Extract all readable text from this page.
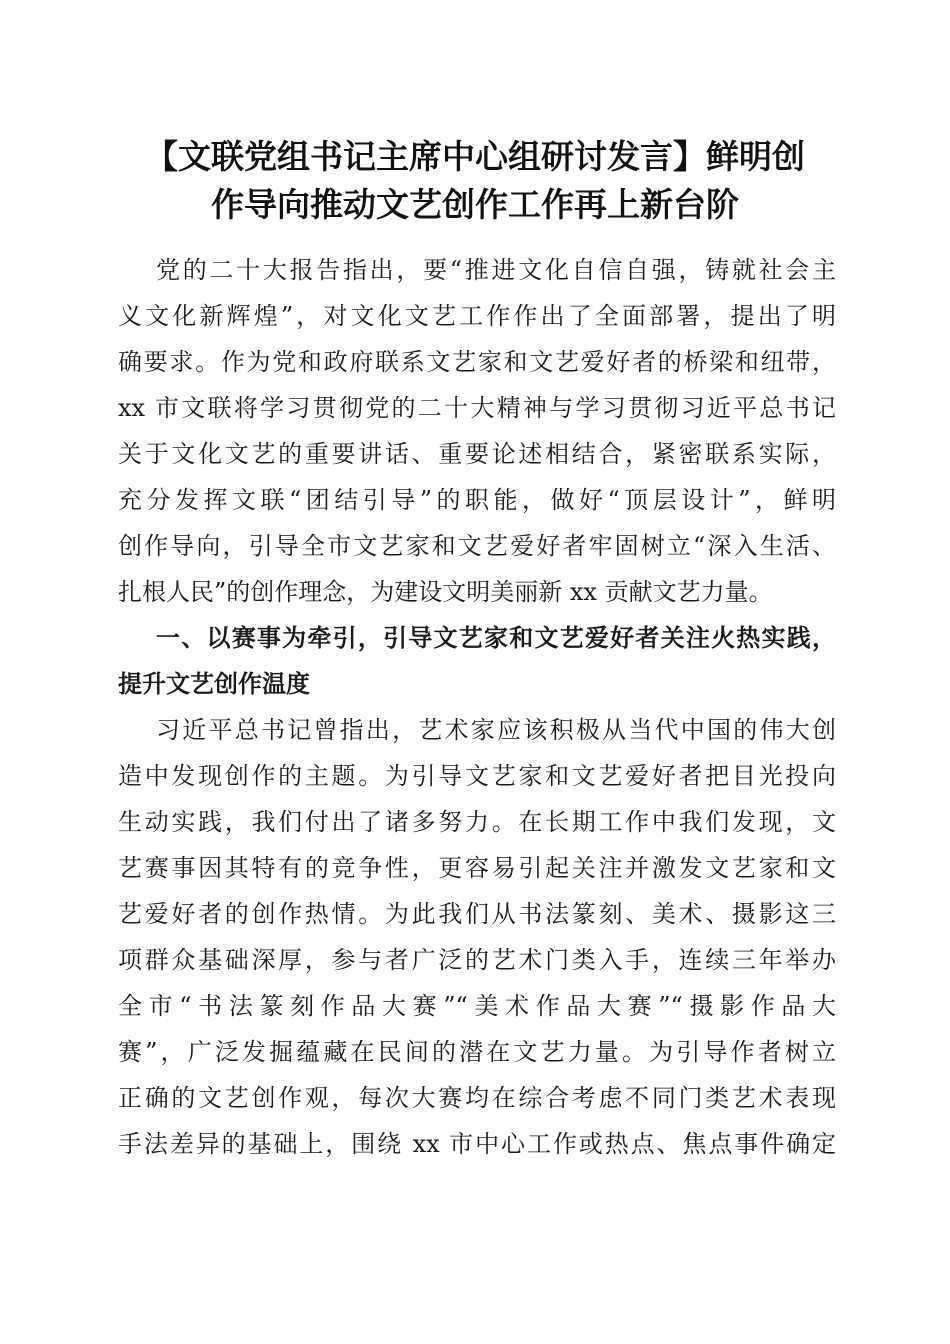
【文联党组书记主席中心组研讨发言】鲜明创
作导向推动文艺创作工作再上新台阶
党的二十大报告指出，要“推进文化自信自强，铸就社会主
义文化新辉煌”，对文化文艺工作作出了全面部署，提出了明
确要求。作为党和政府联系文艺家和文艺爱好者的桥梁和纽带，
xx 市文联将学习贯彻党的二十大精神与学习贯彻习近平总书记
关于文化文艺的重要讲话、重要论述相结合，紧密联系实际，
充分发挥文联“团结引导”的职能，做好“顶层设计”，鲜明
创作导向，引导全市文艺家和文艺爱好者牢固树立“深入生活、
扎根人民”的创作理念，为建设文明美丽新 xx 贡献文艺力量。
一、以赛事为牵引，引导文艺家和文艺爱好者关注火热实践，
提升文艺创作温度
习近平总书记曾指出，艺术家应该积极从当代中国的伟大创
造中发现创作的主题。为引导文艺家和文艺爱好者把目光投向
生动实践，我们付出了诸多努力。在长期工作中我们发现，文
艺赛事因其特有的竞争性，更容易引起关注并激发文艺家和文
艺爱好者的创作热情。为此我们从书法篆刻、美术、摄影这三
项群众基础深厚，参与者广泛的艺术门类入手，连续三年举办
全市“书法篆刻作品大赛”“美术作品大赛”“摄影作品大
赛”，广泛发掘蕴藏在民间的潜在文艺力量。为引导作者树立
正确的文艺创作观，每次大赛均在综合考虑不同门类艺术表现
手法差异的基础上，围绕 xx 市中心工作或热点、焦点事件确定
